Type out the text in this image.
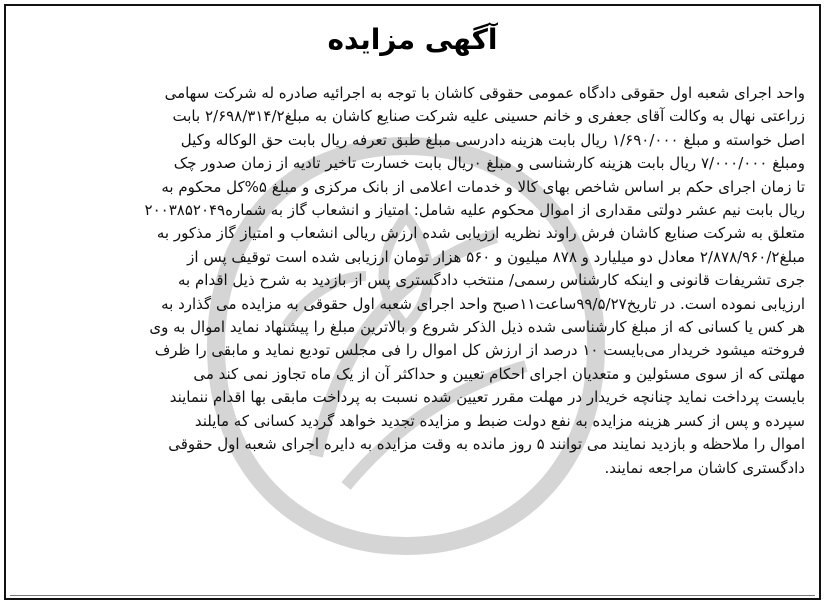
آگهی مزایده

واحد اجرای شعبه اول حقوقی دادگاه عمومی حقوقی کاشان با توجه به اجرائیه صادره له شرکت سهامی
زراعتی نهال به وکالت آقای جعفری و خانم حسینی علیه شرکت صنایع کاشان به مبلغ۲/۶۹۸/۳۱۴/۲ بابت
اصل خواسته و مبلغ ۱/۶۹۰/۰۰۰ ریال بابت هزینه دادرسی مبلغ طبق تعرفه ریال بابت حق الوکاله وکیل
ومبلغ ۷/۰۰۰/۰۰۰ ریال بابت هزینه کارشناسی و مبلغ ۰ریال بابت خسارت تاخیر تادیه از زمان صدور چک
تا زمان اجرای حکم بر اساس شاخص بهای کالا و خدمات اعلامی از بانک مرکزی و مبلغ ۵%کل محکوم به
ریال بابت نیم عشر دولتی مقداری از اموال محکوم علیه شامل: امتیاز و انشعاب گاز به شماره۲۰۰۳۸۵۲۰۴۹
متعلق به شرکت صنایع کاشان فرش راوند نظریه ارزیابی شده ارزش ریالی انشعاب و امتیاز گاز مذکور به
مبلغ۲/۸۷۸/۹۶۰/۲ معادل دو میلیارد و ۸۷۸ میلیون و ۵۶۰ هزار تومان ارزیابی شده است توقیف پس از
جری تشریفات قانونی و اینکه کارشناس رسمی/ منتخب دادگستری پس از بازدید به شرح ذیل اقدام به
ارزیابی نموده است. در تاریخ۹۹/۵/۲۷ساعت۱۱صبح واحد اجرای شعبه اول حقوقی به مزایده می گذارد به
هر کس یا کسانی که از مبلغ کارشناسی شده ذیل الذکر شروع و بالاترین مبلغ را پیشنهاد نماید اموال به وی
فروخته میشود خریدار می‌بایست ۱۰ درصد از ارزش کل اموال را فی مجلس تودیع نماید و مابقی را ظرف
مهلتی که از سوی مسئولین و متعدیان اجرای احکام تعیین و حداکثر آن از یک ماه تجاوز نمی کند می
بایست پرداخت نماید چنانچه خریدار در مهلت مقرر تعیین شده نسبت به پرداخت مابقی بها اقدام ننمایند
سپرده و پس از کسر هزینه مزایده به نفع دولت ضبط و مزایده تجدید خواهد گردید کسانی که مایلند
اموال را ملاحظه و بازدید نمایند می توانند ۵ روز مانده به وقت مزایده به دایره اجرای شعبه اول حقوقی
دادگستری کاشان مراجعه نمایند.
